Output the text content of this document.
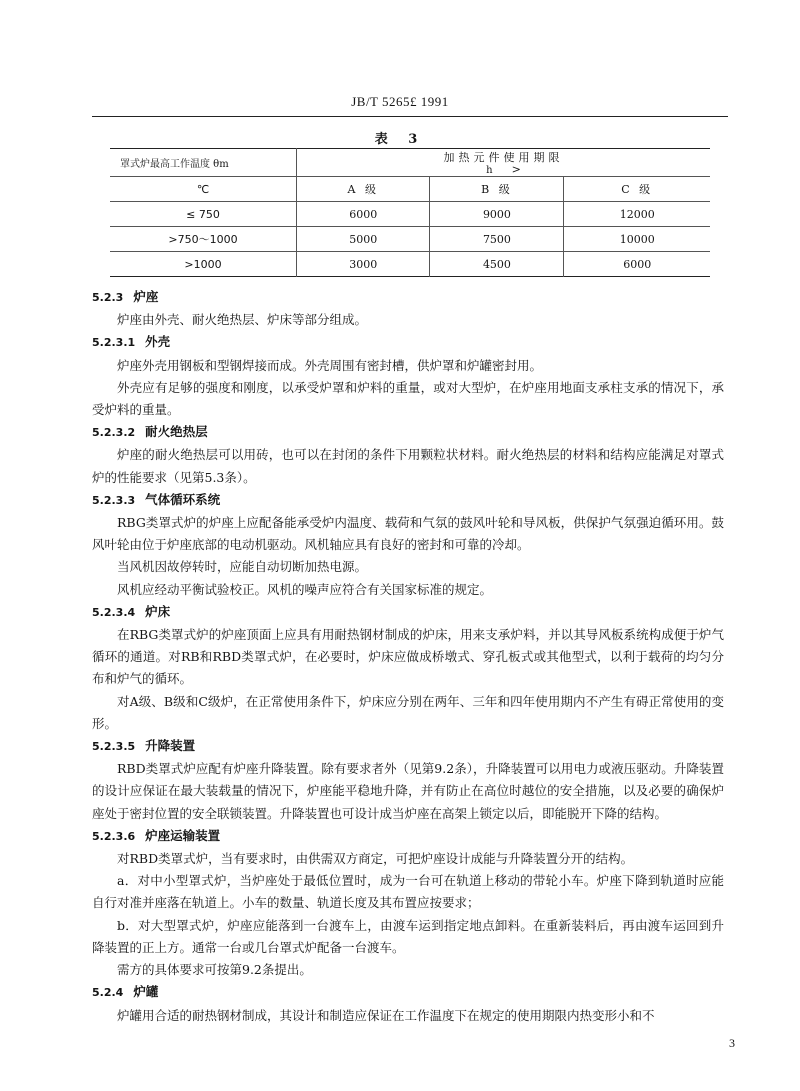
JB/T 5265£ 1991
表 3
罩式炉最高工作温度 θm	加热元件使用期限
h >		

℃	A 级	B 级	C 级
≤ 750	6000	9000	12000
>750～1000	5000	7500	10000
>1000	3000	4500	6000

5.2.3 炉座

炉座由外壳、耐火绝热层、炉床等部分组成。

5.2.3.1 外壳

炉座外壳用钢板和型钢焊接而成。外壳周围有密封槽，供炉罩和炉罐密封用。

外壳应有足够的强度和刚度，以承受炉罩和炉料的重量，或对大型炉，在炉座用地面支承柱支承的情况下，承受炉料的重量。

5.2.3.2 耐火绝热层

炉座的耐火绝热层可以用砖，也可以在封闭的条件下用颗粒状材料。耐火绝热层的材料和结构应能满足对罩式炉的性能要求（见第5.3条）。

5.2.3.3 气体循环系统

RBG类罩式炉的炉座上应配备能承受炉内温度、载荷和气氛的鼓风叶轮和导风板，供保护气氛强迫循环用。鼓风叶轮由位于炉座底部的电动机驱动。风机轴应具有良好的密封和可靠的冷却。

当风机因故停转时，应能自动切断加热电源。

风机应经动平衡试验校正。风机的噪声应符合有关国家标准的规定。

5.2.3.4 炉床

在RBG类罩式炉的炉座顶面上应具有用耐热钢材制成的炉床，用来支承炉料，并以其导风板系统构成便于炉气循环的通道。对RB和RBD类罩式炉，在必要时，炉床应做成桥墩式、穿孔板式或其他型式，以利于载荷的均匀分布和炉气的循环。

对A级、B级和C级炉，在正常使用条件下，炉床应分别在两年、三年和四年使用期内不产生有碍正常使用的变形。

5.2.3.5 升降装置

RBD类罩式炉应配有炉座升降装置。除有要求者外（见第9.2条），升降装置可以用电力或液压驱动。升降装置的设计应保证在最大装载量的情况下，炉座能平稳地升降，并有防止在高位时越位的安全措施，以及必要的确保炉座处于密封位置的安全联锁装置。升降装置也可设计成当炉座在高架上锁定以后，即能脱开下降的结构。

5.2.3.6 炉座运输装置

对RBD类罩式炉，当有要求时，由供需双方商定，可把炉座设计成能与升降装置分开的结构。

a．对中小型罩式炉，当炉座处于最低位置时，成为一台可在轨道上移动的带轮小车。炉座下降到轨道时应能自行对准并座落在轨道上。小车的数量、轨道长度及其布置应按要求；

b．对大型罩式炉，炉座应能落到一台渡车上，由渡车运到指定地点卸料。在重新装料后，再由渡车运回到升降装置的正上方。通常一台或几台罩式炉配备一台渡车。

需方的具体要求可按第9.2条提出。

5.2.4 炉罐

炉罐用合适的耐热钢材制成，其设计和制造应保证在工作温度下在规定的使用期限内热变形小和不

3
